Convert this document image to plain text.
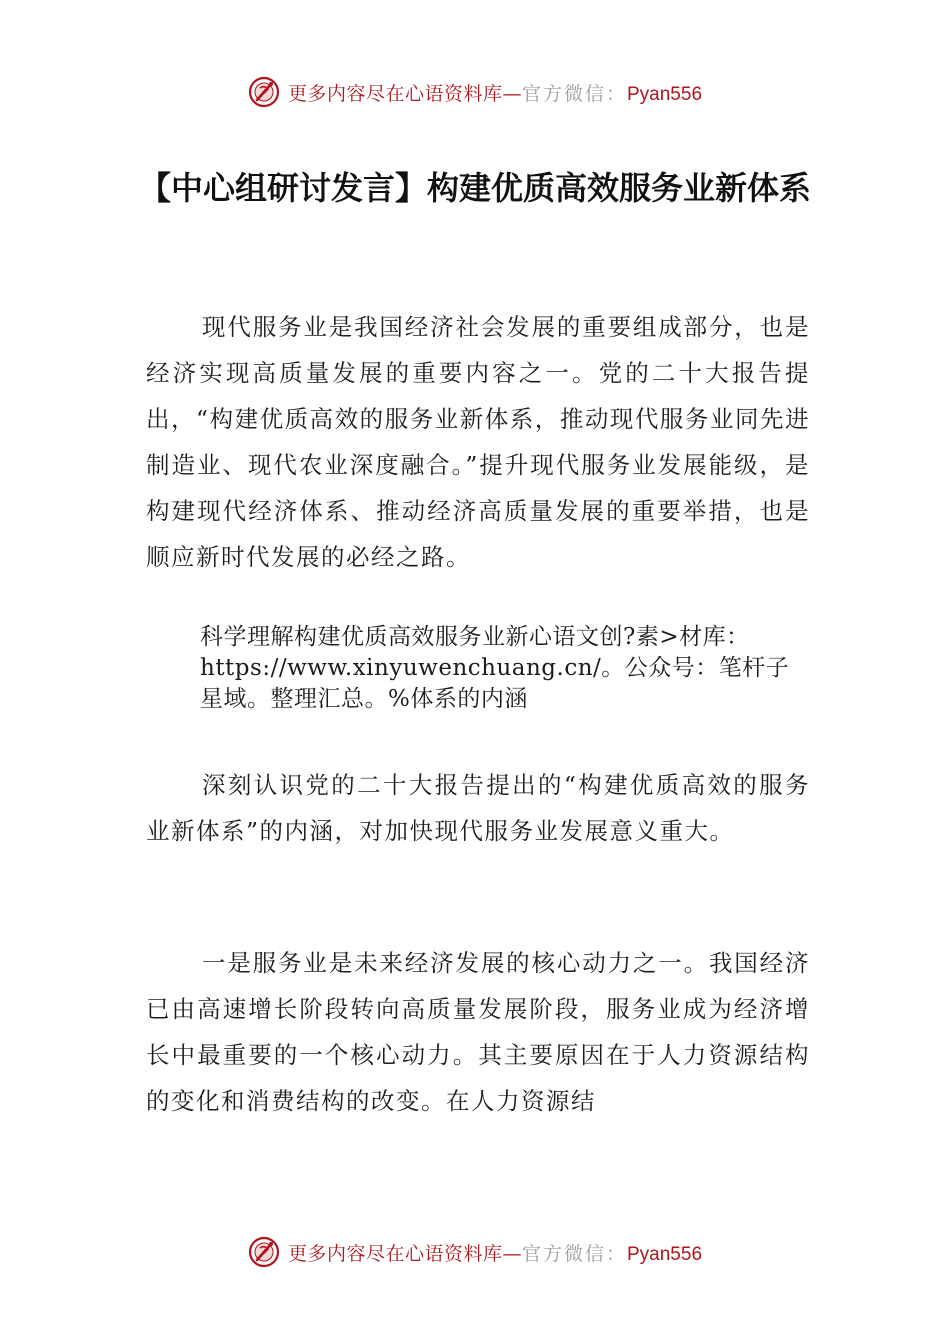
更多内容尽在心语资料库—官方微信：Pyan556
【中心组研讨发言】构建优质高效服务业新体系

现代服务业是我国经济社会发展的重要组成部分，也是经济实现高质量发展的重要内容之一。党的二十大报告提出，“构建优质高效的服务业新体系，推动现代服务业同先进制造业、现代农业深度融合。”提升现代服务业发展能级，是构建现代经济体系、推动经济高质量发展的重要举措，也是顺应新时代发展的必经之路。

科学理解构建优质高效服务业新心语文创?素>材库：
https://www.xinyuwenchuang.cn/。公众号：笔杆子
星域。整理汇总。%体系的内涵

深刻认识党的二十大报告提出的“构建优质高效的服务业新体系”的内涵，对加快现代服务业发展意义重大。

一是服务业是未来经济发展的核心动力之一。我国经济已由高速增长阶段转向高质量发展阶段，服务业成为经济增长中最重要的一个核心动力。其主要原因在于人力资源结构的变化和消费结构的改变。在人力资源结

更多内容尽在心语资料库—官方微信：Pyan556
